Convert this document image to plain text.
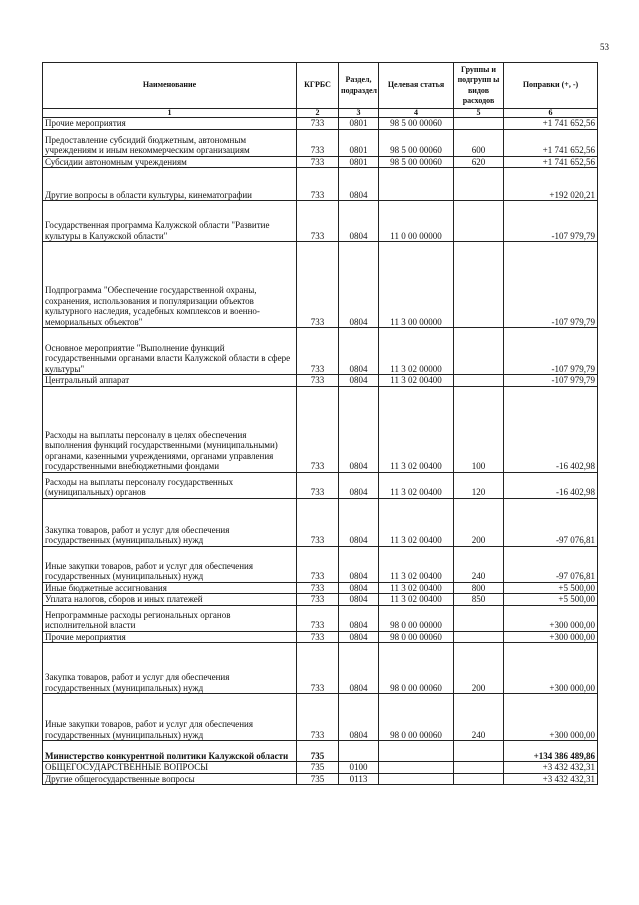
53
Наименование	КГРБС	Раздел, подраздел	Целевая статья	Группы и подгрупп ы видов расходов	Поправки (+, -)
1	2	3	4	5	6
Прочие мероприятия	733	0801	98 5 00 00060		+1 741 652,56
Предоставление субсидий бюджетным, автономным учреждениям и иным некоммерческим организациям	733	0801	98 5 00 00060	600	+1 741 652,56
Субсидии автономным учреждениям	733	0801	98 5 00 00060	620	+1 741 652,56
Другие вопросы в области культуры, кинематографии	733	0804			+192 020,21
Государственная программа Калужской области "Развитие культуры в Калужской области"	733	0804	11 0 00 00000		-107 979,79
Подпрограмма "Обеспечение государственной охраны, сохранения, использования и популяризации объектов культурного наследия, усадебных комплексов и военно-мемориальных объектов"	733	0804	11 3 00 00000		-107 979,79
Основное мероприятие "Выполнение функций государственными органами власти Калужской области в сфере культуры"	733	0804	11 3 02 00000		-107 979,79
Центральный аппарат	733	0804	11 3 02 00400		-107 979,79
Расходы на выплаты персоналу в целях обеспечения выполнения функций государственными (муниципальными) органами, казенными учреждениями, органами управления государственными внебюджетными фондами	733	0804	11 3 02 00400	100	-16 402,98
Расходы на выплаты персоналу государственных (муниципальных) органов	733	0804	11 3 02 00400	120	-16 402,98
Закупка товаров, работ и услуг для обеспечения государственных (муниципальных) нужд	733	0804	11 3 02 00400	200	-97 076,81
Иные закупки товаров, работ и услуг для обеспечения государственных (муниципальных) нужд	733	0804	11 3 02 00400	240	-97 076,81
Иные бюджетные ассигнования	733	0804	11 3 02 00400	800	+5 500,00
Уплата налогов, сборов и иных платежей	733	0804	11 3 02 00400	850	+5 500,00
Непрограммные расходы региональных органов исполнительной власти	733	0804	98 0 00 00000		+300 000,00
Прочие мероприятия	733	0804	98 0 00 00060		+300 000,00
Закупка товаров, работ и услуг для обеспечения государственных (муниципальных) нужд	733	0804	98 0 00 00060	200	+300 000,00
Иные закупки товаров, работ и услуг для обеспечения государственных (муниципальных) нужд	733	0804	98 0 00 00060	240	+300 000,00
Министерство конкурентной политики Калужской области	735				+134 386 489,86
ОБЩЕГОСУДАРСТВЕННЫЕ ВОПРОСЫ	735	0100			+3 432 432,31
Другие общегосударственные вопросы	735	0113			+3 432 432,31
